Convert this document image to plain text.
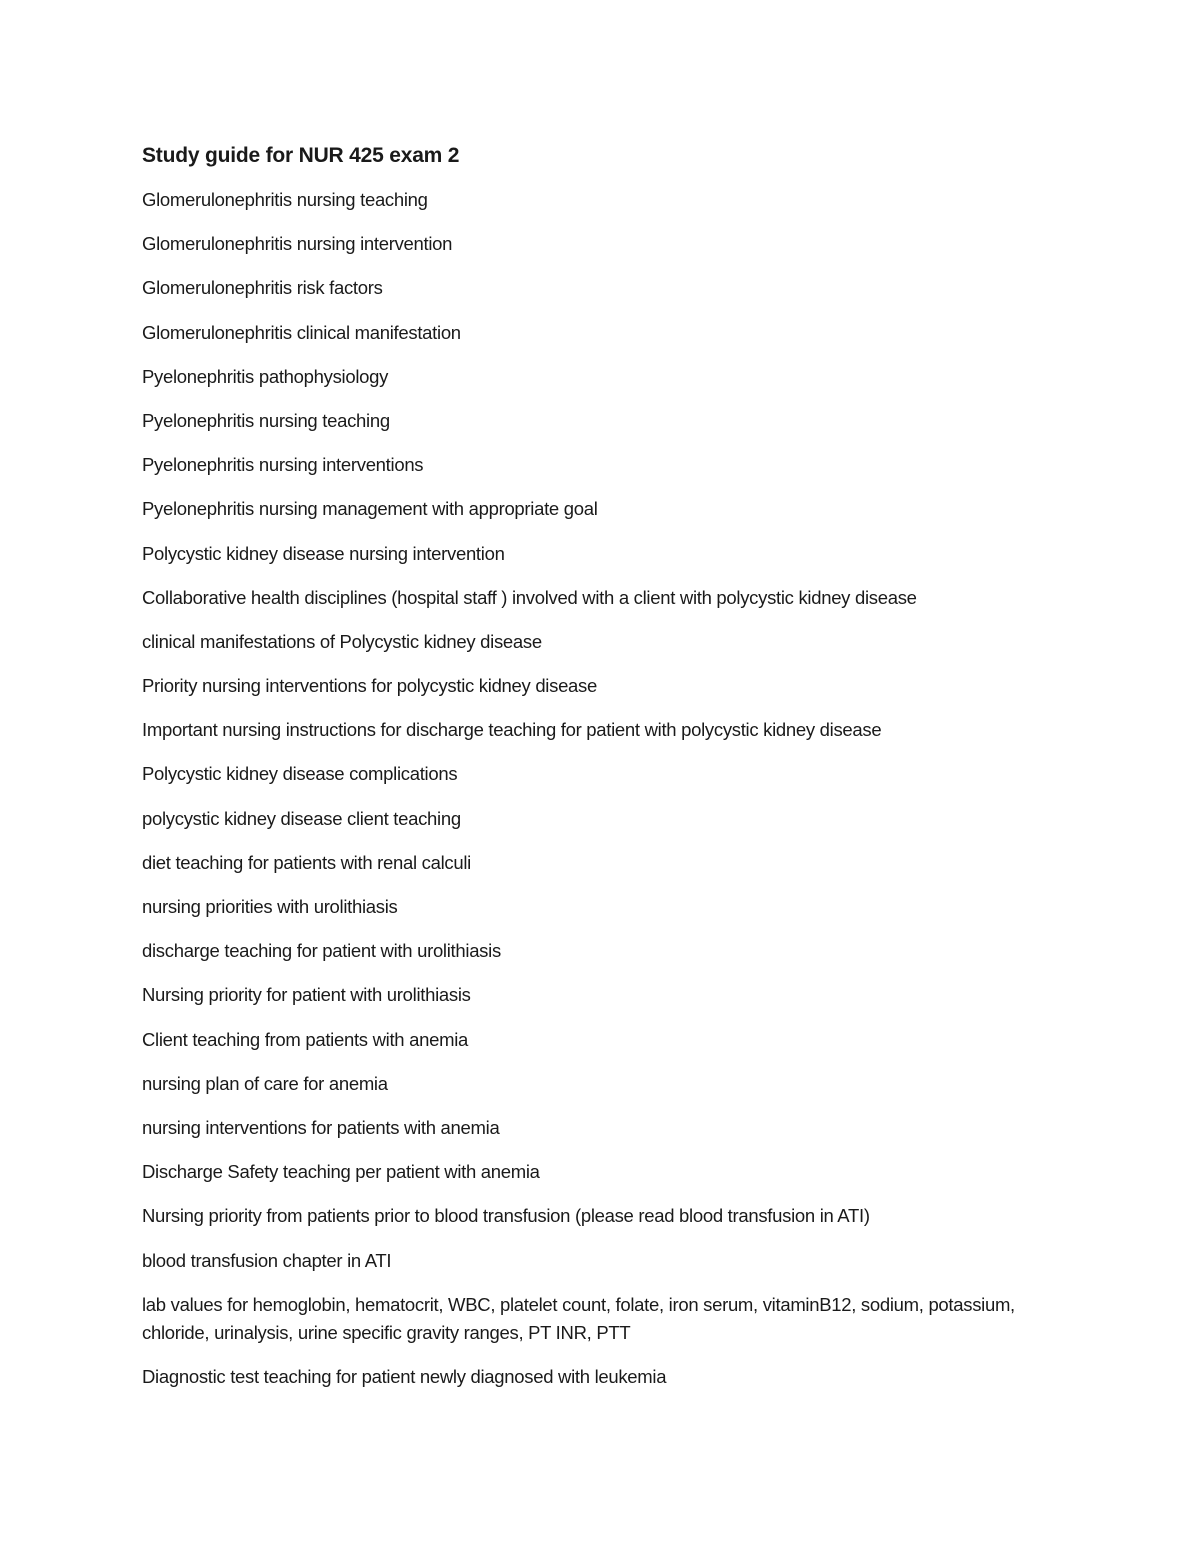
Study guide for NUR 425 exam 2
Glomerulonephritis nursing teaching
Glomerulonephritis nursing intervention
Glomerulonephritis risk factors
Glomerulonephritis clinical manifestation
Pyelonephritis pathophysiology
Pyelonephritis nursing teaching
Pyelonephritis nursing interventions
Pyelonephritis nursing management with appropriate goal
Polycystic kidney disease nursing intervention
Collaborative health disciplines (hospital staff ) involved with a client with polycystic kidney disease
clinical manifestations of Polycystic kidney disease
Priority nursing interventions for polycystic kidney disease
Important nursing instructions for discharge teaching for patient with polycystic kidney disease
Polycystic kidney disease complications
polycystic kidney disease client teaching
diet teaching for patients with renal calculi
nursing priorities with urolithiasis
discharge teaching for patient with urolithiasis
Nursing priority for patient with urolithiasis
Client teaching from patients with anemia
nursing plan of care for anemia
nursing interventions for patients with anemia
Discharge Safety teaching per patient with anemia
Nursing priority from patients prior to blood transfusion (please read blood transfusion in ATI)
blood transfusion chapter in ATI
lab values for hemoglobin, hematocrit, WBC, platelet count, folate, iron serum, vitaminB12, sodium, potassium, chloride, urinalysis, urine specific gravity ranges, PT INR, PTT
Diagnostic test teaching for patient newly diagnosed with leukemia
